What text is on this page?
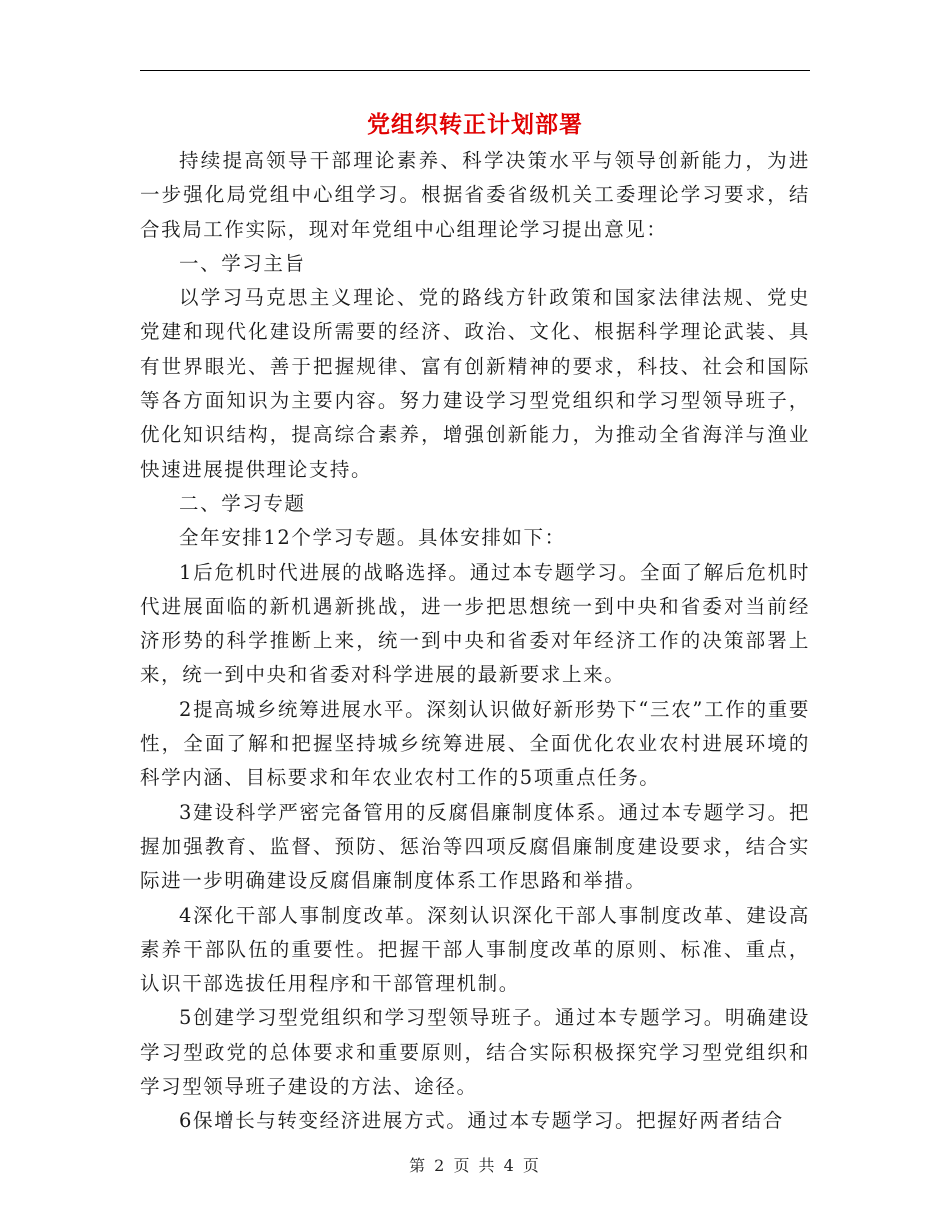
党组织转正计划部署

持续提高领导干部理论素养、科学决策水平与领导创新能力，为进一步强化局党组中心组学习。根据省委省级机关工委理论学习要求，结合我局工作实际，现对年党组中心组理论学习提出意见：

一、学习主旨

以学习马克思主义理论、党的路线方针政策和国家法律法规、党史党建和现代化建设所需要的经济、政治、文化、根据科学理论武装、具有世界眼光、善于把握规律、富有创新精神的要求，科技、社会和国际等各方面知识为主要内容。努力建设学习型党组织和学习型领导班子，优化知识结构，提高综合素养，增强创新能力，为推动全省海洋与渔业快速进展提供理论支持。

二、学习专题

全年安排12个学习专题。具体安排如下：

1后危机时代进展的战略选择。通过本专题学习。全面了解后危机时代进展面临的新机遇新挑战，进一步把思想统一到中央和省委对当前经济形势的科学推断上来，统一到中央和省委对年经济工作的决策部署上来，统一到中央和省委对科学进展的最新要求上来。

2提高城乡统筹进展水平。深刻认识做好新形势下“三农”工作的重要性，全面了解和把握坚持城乡统筹进展、全面优化农业农村进展环境的科学内涵、目标要求和年农业农村工作的5项重点任务。

3建设科学严密完备管用的反腐倡廉制度体系。通过本专题学习。把握加强教育、监督、预防、惩治等四项反腐倡廉制度建设要求，结合实际进一步明确建设反腐倡廉制度体系工作思路和举措。

4深化干部人事制度改革。深刻认识深化干部人事制度改革、建设高素养干部队伍的重要性。把握干部人事制度改革的原则、标准、重点，认识干部选拔任用程序和干部管理机制。

5创建学习型党组织和学习型领导班子。通过本专题学习。明确建设学习型政党的总体要求和重要原则，结合实际积极探究学习型党组织和学习型领导班子建设的方法、途径。

6保增长与转变经济进展方式。通过本专题学习。把握好两者结合

第 2 页 共 4 页
